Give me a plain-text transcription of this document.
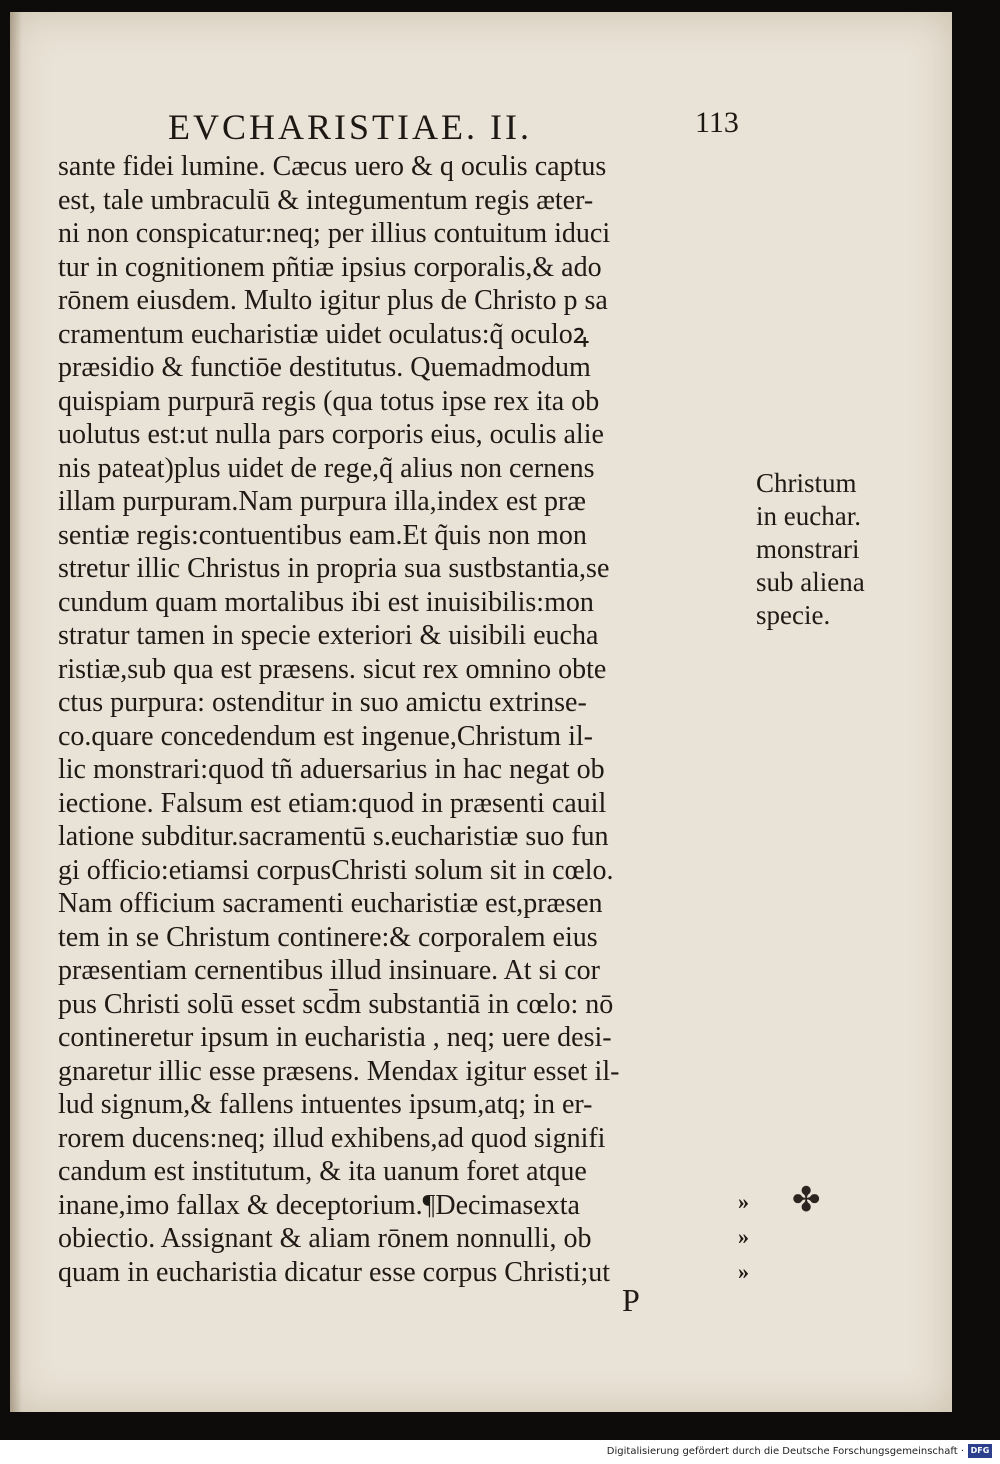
EVCHARISTIAE. II.	113
sante fidei lumine. Cæcus uero & q oculis captus
est, tale umbraculū & integumentum regis æter-
ni non conspicatur:neq; per illius contuitum iduci
tur in cognitionem pñtiæ ipsius corporalis,& ado
rōnem eiusdem. Multo igitur plus de Christo p sa
cramentum eucharistiæ uidet oculatus:q̃ oculoꝝ
præsidio & functiōe destitutus. Quemadmodum
quispiam purpurā regis (qua totus ipse rex ita ob
uolutus est:ut nulla pars corporis eius, oculis alie
nis pateat)plus uidet de rege,q̃ alius non cernens
illam purpuram.Nam purpura illa,index est præ
sentiæ regis:contuentibus eam.Et q̃uis non mon
stretur illic Christus in propria sua sustbstantia,se
cundum quam mortalibus ibi est inuisibilis:mon
stratur tamen in specie exteriori & uisibili eucha
ristiæ,sub qua est præsens. sicut rex omnino obte
ctus purpura: ostenditur in suo amictu extrinse-
co.quare concedendum est ingenue,Christum il-
lic monstrari:quod tñ aduersarius in hac negat ob
iectione. Falsum est etiam:quod in præsenti cauil
latione subditur.sacramentū s.eucharistiæ suo fun
gi officio:etiamsi corpusChristi solum sit in cœlo.
Nam officium sacramenti eucharistiæ est,præsen
tem in se Christum continere:& corporalem eius
præsentiam cernentibus illud insinuare. At si cor
pus Christi solū esset scd̄m substantiā in cœlo: nō
contineretur ipsum in eucharistia , neq; uere desi-
gnaretur illic esse præsens. Mendax igitur esset il-
lud signum,& fallens intuentes ipsum,atq; in er-
rorem ducens:neq; illud exhibens,ad quod signifi
candum est institutum, & ita uanum foret atque
inane,imo fallax & deceptorium.¶Decimasexta
obiectio. Assignant & aliam rōnem nonnulli, ob
quam in eucharistia dicatur esse corpus Christi;ut
Christum
in euchar.
monstrari
sub aliena
specie.
»
»
»
✤
P
Digitalisierung gefördert durch die Deutsche Forschungsgemeinschaft · DFG
